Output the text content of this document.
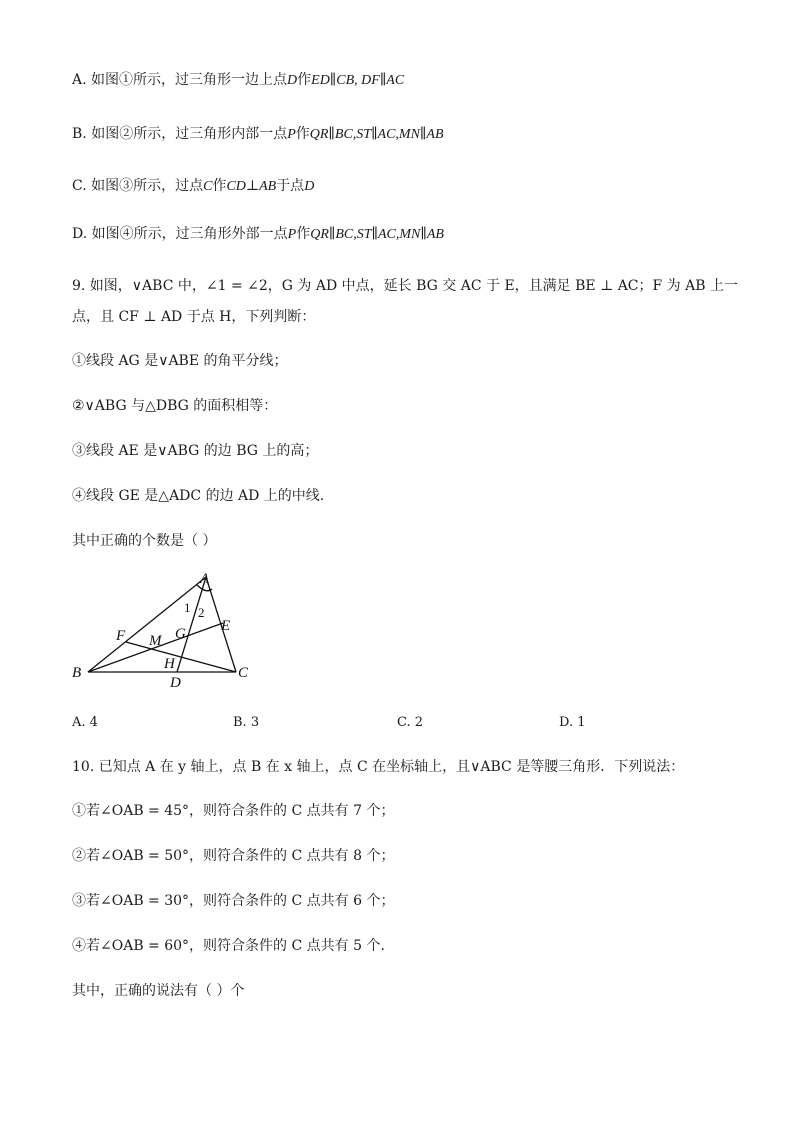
A. 如图①所示，过三角形一边上点D作ED∥CB, DF∥AC
B. 如图②所示，过三角形内部一点P作QR∥BC,ST∥AC,MN∥AB
C. 如图③所示，过点C作CD⊥AB于点D
D. 如图④所示，过三角形外部一点P作QR∥BC,ST∥AC,MN∥AB
9. 如图，∨ABC 中，∠1 = ∠2，G 为 AD 中点，延长 BG 交 AC 于 E，且满足 BE ⊥ AC；F 为 AB 上一
点，且 CF ⊥ AD 于点 H，下列判断：
①线段 AG 是∨ABE 的角平分线；
②∨ABG 与△DBG 的面积相等：
③线段 AE 是∨ABG 的边 BG 上的高；
④线段 GE 是△ADC 的边 AD 上的中线.
其中正确的个数是（ ）
A
B	C
D
E
F	G
H
M
1 2
A. 4	B. 3	C. 2	D. 1
10. 已知点 A 在 y 轴上，点 B 在 x 轴上，点 C 在坐标轴上，且∨ABC 是等腰三角形．下列说法：
①若∠OAB = 45°，则符合条件的 C 点共有 7 个；
②若∠OAB = 50°，则符合条件的 C 点共有 8 个；
③若∠OAB = 30°，则符合条件的 C 点共有 6 个；
④若∠OAB = 60°，则符合条件的 C 点共有 5 个.
其中，正确的说法有（ ）个
